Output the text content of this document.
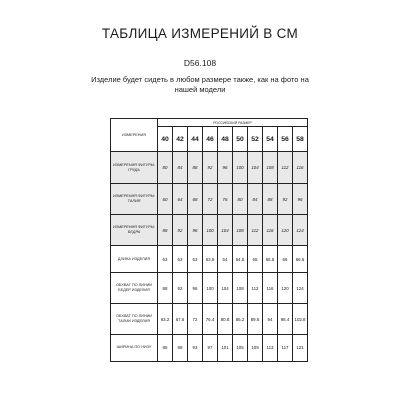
ТАБЛИЦА ИЗМЕРЕНИЙ В СМ
D56.108
Изделие будет сидеть в любом размере также, как на фото на нашей модели
ИЗМЕРЕНИЯ	РОССИЙСКИЙ РАЗМЕР									
	40	42	44	46	48	50	52	54	56	58
ИЗМЕРЕНИЯ ФИГУРЫ: ГРУДЬ	80	84	88	92	96	100	104	108	112	116
ИЗМЕРЕНИЯ ФИГУРЫ: ТАЛИЯ	60	64	68	72	76	80	84	88	92	96
ИЗМЕРЕНИЯ ФИГУРЫ: БЕДРА	88	92	96	100	104	108	112	116	120	124
ДЛИНА ИЗДЕЛИЯ	63	63	63	63.5	64	64.5	65	65.5	66	66.5
ОБХВАТ ПО ЛИНИИ БЕДЕР ИЗДЕЛИЯ	88	92	96	100	104	108	112	116	120	124
ОБХВАТ ПО ЛИНИИ ТАЛИИ ИЗДЕЛИЯ	63.2	67.6	72	76.4	80.8	85.2	89.6	94	98.4	102.8
ШИРИНА ПО НИЗУ	85	89	93	97	101	105	109	113	117	121
